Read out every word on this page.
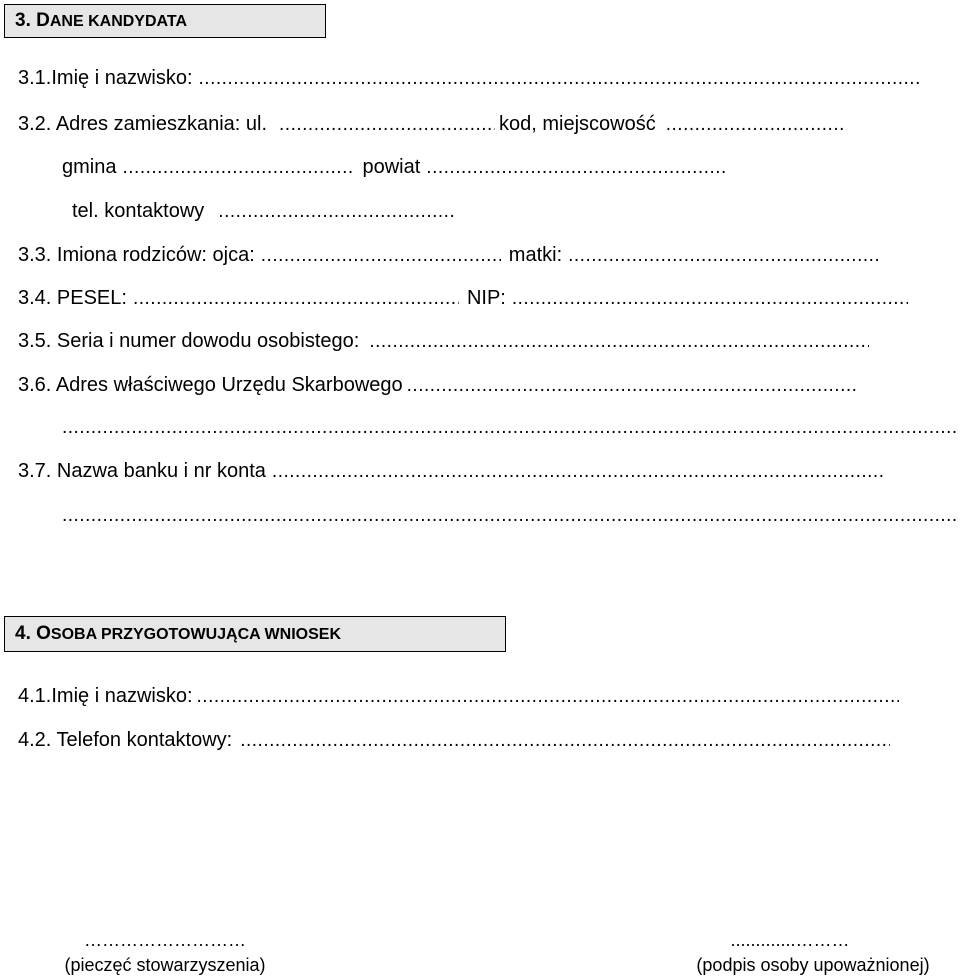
3. DANE KANDYDATA
3.1.Imię i nazwisko:
.....
3.2. Adres zamieszkania: ul. .....	kod, miejscowość
.....
gmina .....	powiat
.....
tel. kontaktowy
.....
3.3. Imiona rodziców: ojca: .....	matki:
.....
3.4. PESEL: .....	NIP:
.....
3.5. Seria i numer dowodu osobistego:
.....
3.6. Adres właściwego Urzędu Skarbowego
.....
.....
3.7. Nazwa banku i nr konta
.....
.....
4. OSOBA PRZYGOTOWUJĄCA WNIOSEK
4.1.Imię i nazwisko:
.....
4.2. Telefon kontaktowy:
.....
………………………
(pieczęć stowarzyszenia)
.............………
(podpis osoby upoważnionej)
